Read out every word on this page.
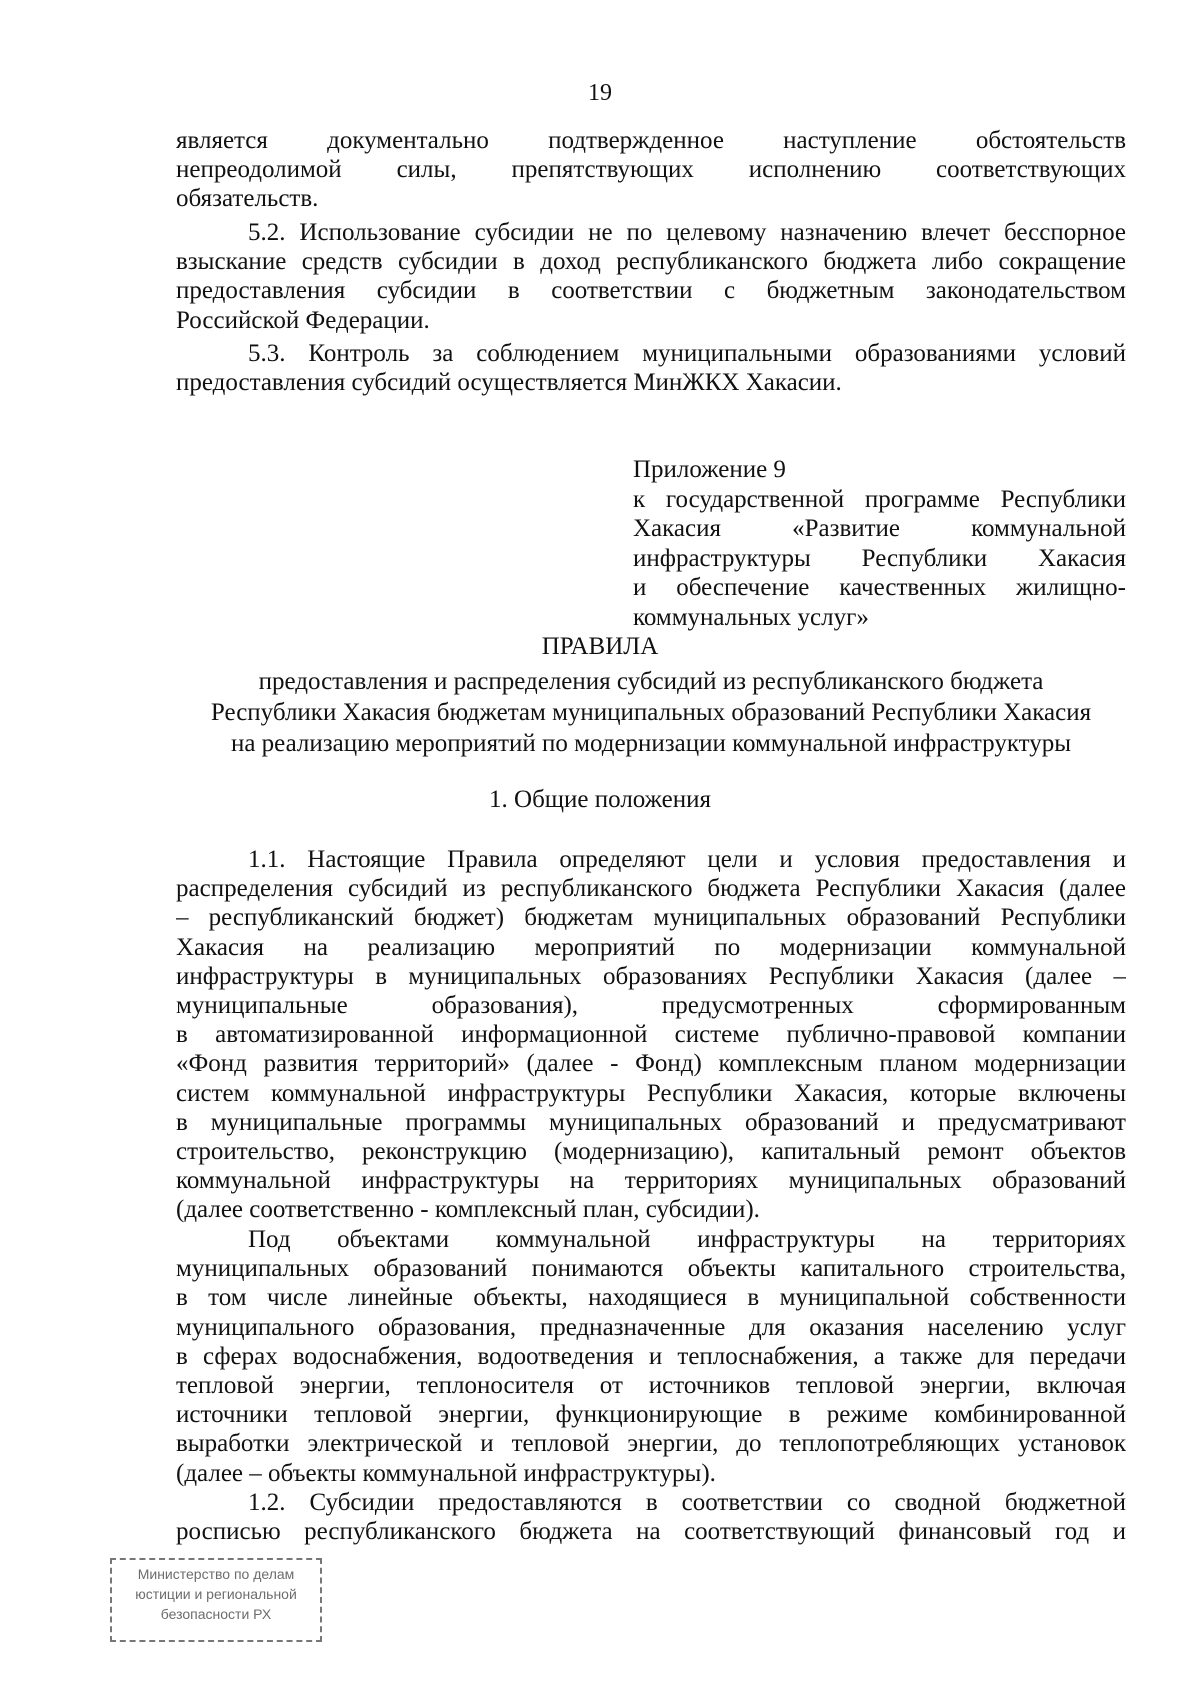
19
является документально подтвержденное наступление обстоятельств
непреодолимой силы, препятствующих исполнению соответствующих
обязательств.
5.2. Использование субсидии не по целевому назначению влечет бесспорное
взыскание средств субсидии в доход республиканского бюджета либо сокращение
предоставления субсидии в соответствии с бюджетным законодательством
Российской Федерации.
5.3. Контроль за соблюдением муниципальными образованиями условий
предоставления субсидий осуществляется МинЖКХ Хакасии.
Приложение 9
к государственной программе Республики
Хакасия «Развитие коммунальной
инфраструктуры Республики Хакасия
и обеспечение качественных жилищно-
коммунальных услуг»
ПРАВИЛА
предоставления и распределения субсидий из республиканского бюджета
Республики Хакасия бюджетам муниципальных образований Республики Хакасия
на реализацию мероприятий по модернизации коммунальной инфраструктуры
1. Общие положения
1.1. Настоящие Правила определяют цели и условия предоставления и
распределения субсидий из республиканского бюджета Республики Хакасия (далее
– республиканский бюджет) бюджетам муниципальных образований Республики
Хакасия на реализацию мероприятий по модернизации коммунальной
инфраструктуры в муниципальных образованиях Республики Хакасия (далее –
муниципальные образования), предусмотренных сформированным
в автоматизированной информационной системе публично-правовой компании
«Фонд развития территорий» (далее - Фонд) комплексным планом модернизации
систем коммунальной инфраструктуры Республики Хакасия, которые включены
в муниципальные программы муниципальных образований и предусматривают
строительство, реконструкцию (модернизацию), капитальный ремонт объектов
коммунальной инфраструктуры на территориях муниципальных образований
(далее соответственно - комплексный план, субсидии).
Под объектами коммунальной инфраструктуры на территориях
муниципальных образований понимаются объекты капитального строительства,
в том числе линейные объекты, находящиеся в муниципальной собственности
муниципального образования, предназначенные для оказания населению услуг
в сферах водоснабжения, водоотведения и теплоснабжения, а также для передачи
тепловой энергии, теплоносителя от источников тепловой энергии, включая
источники тепловой энергии, функционирующие в режиме комбинированной
выработки электрической и тепловой энергии, до теплопотребляющих установок
(далее – объекты коммунальной инфраструктуры).
1.2. Субсидии предоставляются в соответствии со сводной бюджетной
росписью республиканского бюджета на соответствующий финансовый год и
Министерство по делам
юстиции и региональной
безопасности РХ
